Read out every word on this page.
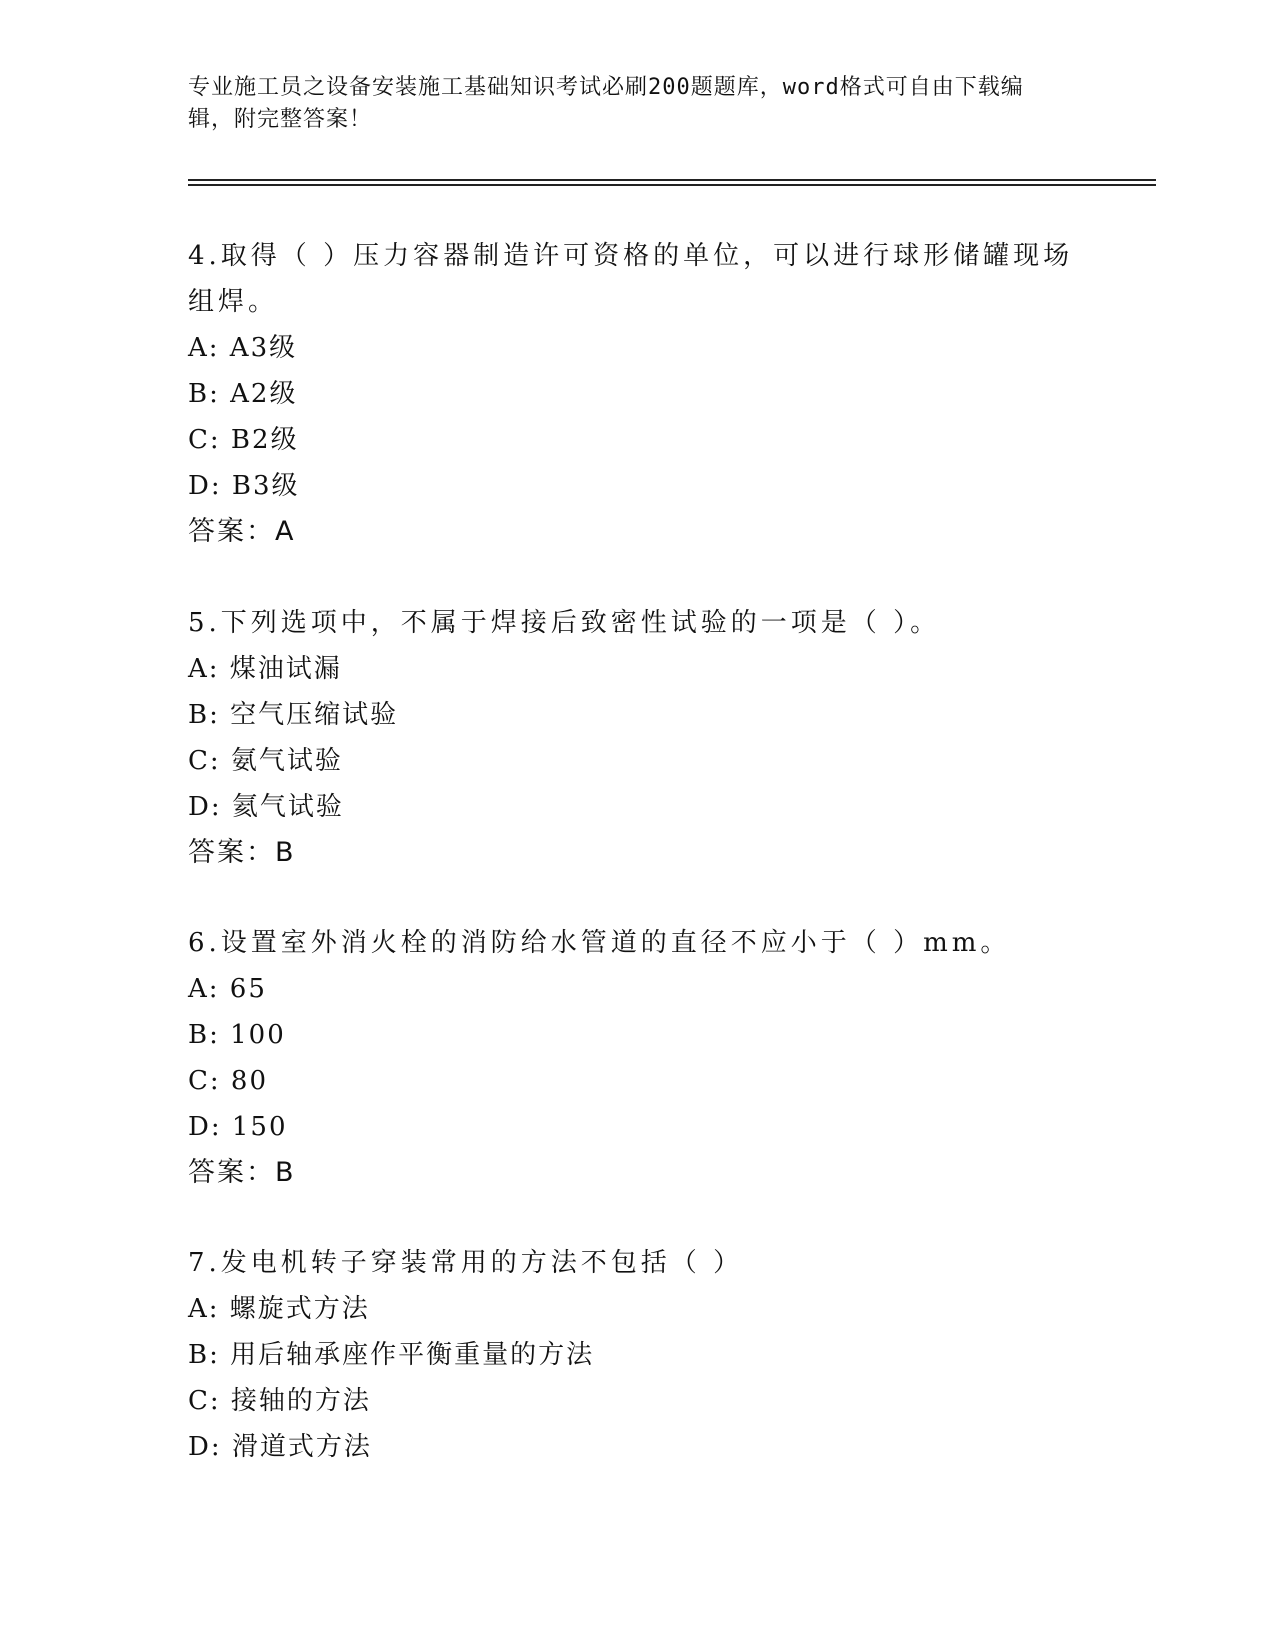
专业施工员之设备安装施工基础知识考试必刷200题题库，word格式可自由下载编辑，附完整答案！

4.取得（ ）压力容器制造许可资格的单位，可以进行球形储罐现场组焊。

A: A3级

B: A2级

C: B2级

D: B3级

答案：A

5.下列选项中，不属于焊接后致密性试验的一项是（ ）。

A: 煤油试漏

B: 空气压缩试验

C: 氨气试验

D: 氦气试验

答案：B

6.设置室外消火栓的消防给水管道的直径不应小于（ ）mm。

A: 65

B: 100

C: 80

D: 150

答案：B

7.发电机转子穿装常用的方法不包括（ ）

A: 螺旋式方法

B: 用后轴承座作平衡重量的方法

C: 接轴的方法

D: 滑道式方法
